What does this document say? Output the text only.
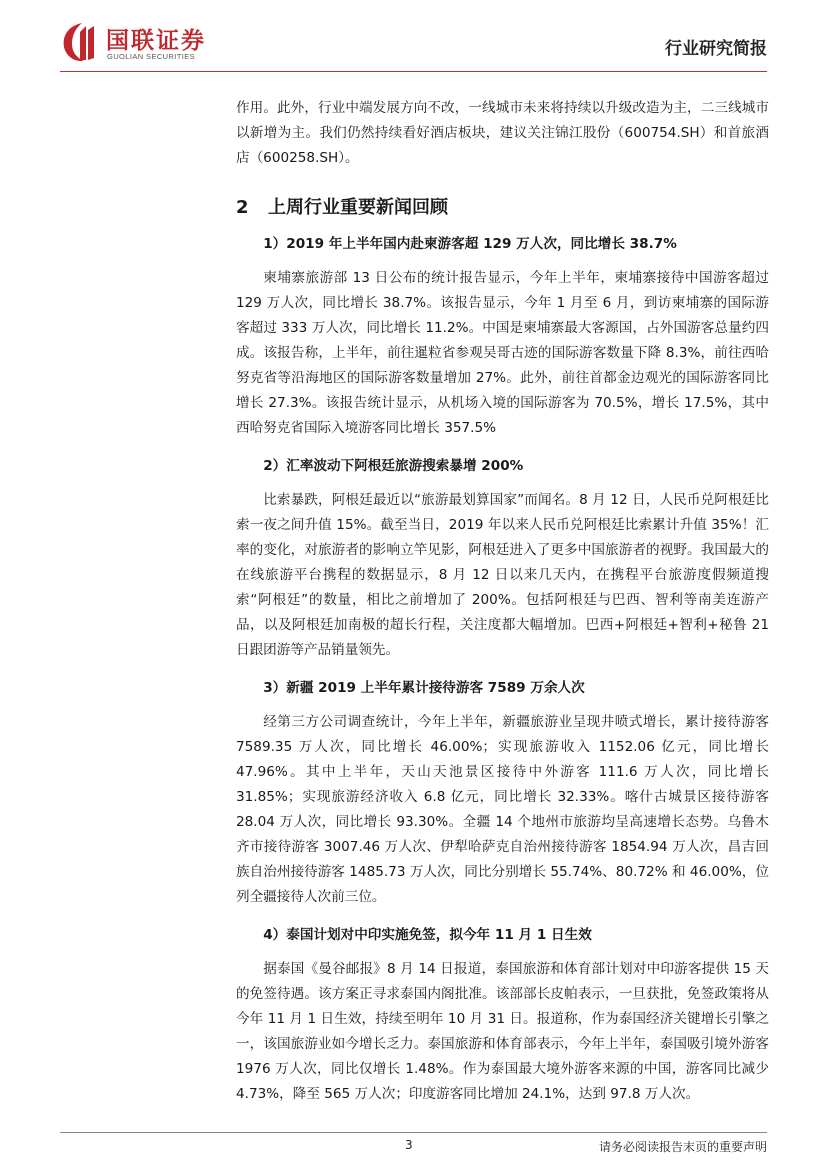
国联证券
GUOLIAN SECURITIES	行业研究简报

作用。此外，行业中端发展方向不改，一线城市未来将持续以升级改造为主，二三线城市以新增为主。我们仍然持续看好酒店板块，建议关注锦江股份（600754.SH）和首旅酒店（600258.SH）。

2 上周行业重要新闻回顾
1）2019 年上半年国内赴柬游客超 129 万人次，同比增长 38.7%

柬埔寨旅游部 13 日公布的统计报告显示，今年上半年，柬埔寨接待中国游客超过 129 万人次，同比增长 38.7%。该报告显示，今年 1 月至 6 月，到访柬埔寨的国际游客超过 333 万人次，同比增长 11.2%。中国是柬埔寨最大客源国，占外国游客总量约四成。该报告称，上半年，前往暹粒省参观吴哥古迹的国际游客数量下降 8.3%，前往西哈努克省等沿海地区的国际游客数量增加 27%。此外，前往首都金边观光的国际游客同比增长 27.3%。该报告统计显示，从机场入境的国际游客为 70.5%，增长 17.5%，其中西哈努克省国际入境游客同比增长 357.5%

2）汇率波动下阿根廷旅游搜索暴增 200%

比索暴跌，阿根廷最近以“旅游最划算国家”而闻名。8 月 12 日，人民币兑阿根廷比索一夜之间升值 15%。截至当日，2019 年以来人民币兑阿根廷比索累计升值 35%！汇率的变化，对旅游者的影响立竿见影，阿根廷进入了更多中国旅游者的视野。我国最大的在线旅游平台携程的数据显示，8 月 12 日以来几天内，在携程平台旅游度假频道搜索“阿根廷”的数量，相比之前增加了 200%。包括阿根廷与巴西、智利等南美连游产品，以及阿根廷加南极的超长行程，关注度都大幅增加。巴西+阿根廷+智利+秘鲁 21 日跟团游等产品销量领先。

3）新疆 2019 上半年累计接待游客 7589 万余人次

经第三方公司调查统计，今年上半年，新疆旅游业呈现井喷式增长，累计接待游客 7589.35 万人次，同比增长 46.00%；实现旅游收入 1152.06 亿元，同比增长 47.96%。其中上半年，天山天池景区接待中外游客 111.6 万人次，同比增长 31.85%；实现旅游经济收入 6.8 亿元，同比增长 32.33%。喀什古城景区接待游客 28.04 万人次，同比增长 93.30%。全疆 14 个地州市旅游均呈高速增长态势。乌鲁木齐市接待游客 3007.46 万人次、伊犁哈萨克自治州接待游客 1854.94 万人次，昌吉回族自治州接待游客 1485.73 万人次，同比分别增长 55.74%、80.72% 和 46.00%，位列全疆接待人次前三位。

4）泰国计划对中印实施免签，拟今年 11 月 1 日生效

据泰国《曼谷邮报》8 月 14 日报道，泰国旅游和体育部计划对中印游客提供 15 天的免签待遇。该方案正寻求泰国内阁批准。该部部长皮帕表示，一旦获批，免签政策将从今年 11 月 1 日生效，持续至明年 10 月 31 日。报道称，作为泰国经济关键增长引擎之一，该国旅游业如今增长乏力。泰国旅游和体育部表示，今年上半年，泰国吸引境外游客 1976 万人次，同比仅增长 1.48%。作为泰国最大境外游客来源的中国，游客同比减少 4.73%，降至 565 万人次；印度游客同比增加 24.1%，达到 97.8 万人次。

3	请务必阅读报告末页的重要声明
